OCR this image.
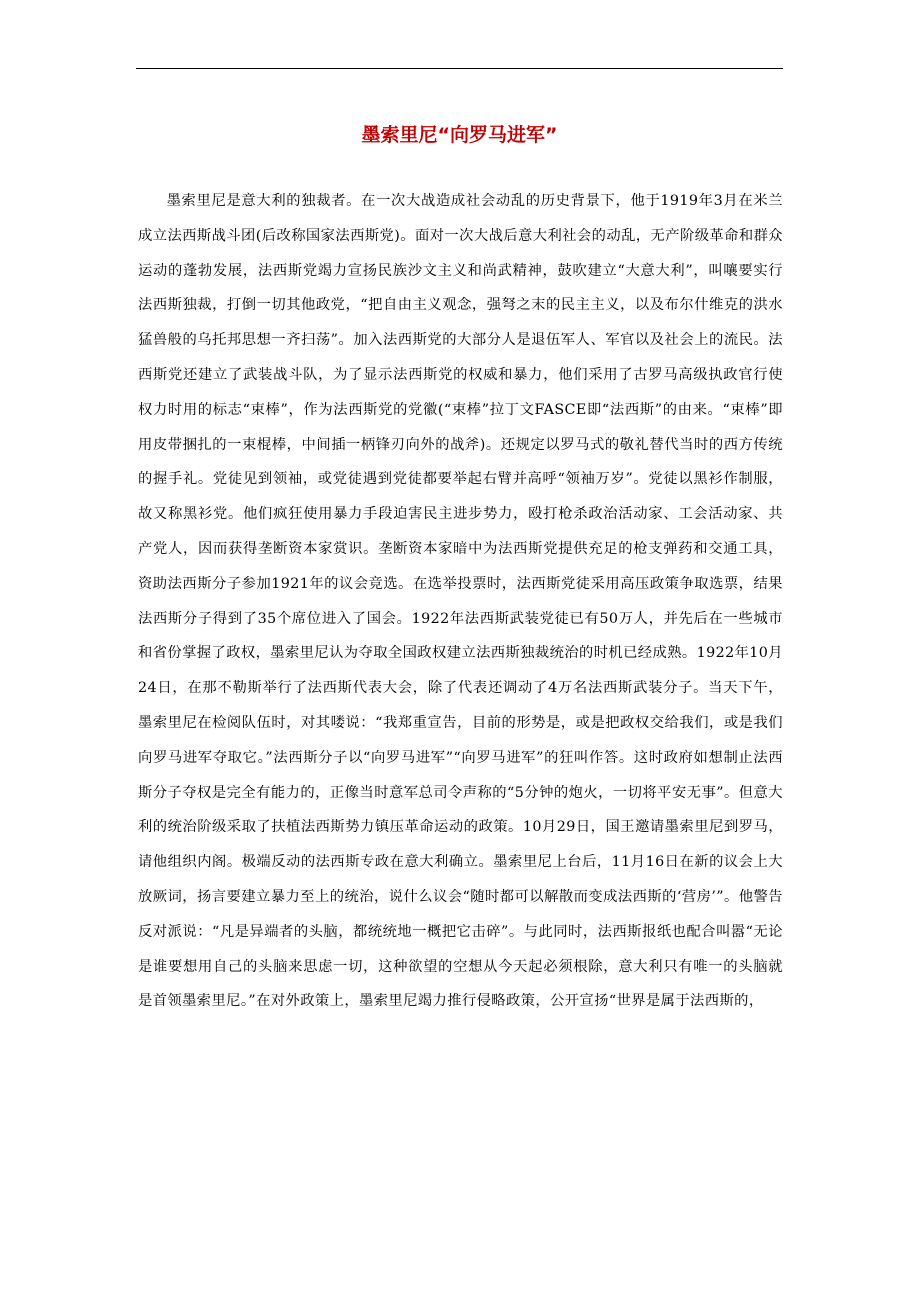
墨索里尼“向罗马进军”

墨索里尼是意大利的独裁者。在一次大战造成社会动乱的历史背景下，他于1919年3月在米兰成立法西斯战斗团(后改称国家法西斯党)。面对一次大战后意大利社会的动乱，无产阶级革命和群众运动的蓬勃发展，法西斯党竭力宣扬民族沙文主义和尚武精神，鼓吹建立“大意大利”，叫嚷要实行法西斯独裁，打倒一切其他政党，“把自由主义观念，强弩之末的民主主义，以及布尔什维克的洪水猛兽般的乌托邦思想一齐扫荡”。加入法西斯党的大部分人是退伍军人、军官以及社会上的流民。法西斯党还建立了武装战斗队，为了显示法西斯党的权威和暴力，他们采用了古罗马高级执政官行使权力时用的标志“束棒”，作为法西斯党的党徽(“束棒”拉丁文FASCE即“法西斯”的由来。“束棒”即用皮带捆扎的一束棍棒，中间插一柄锋刃向外的战斧)。还规定以罗马式的敬礼替代当时的西方传统的握手礼。党徒见到领袖，或党徒遇到党徒都要举起右臂并高呼“领袖万岁”。党徒以黑衫作制服，故又称黑衫党。他们疯狂使用暴力手段迫害民主进步势力，殴打枪杀政治活动家、工会活动家、共产党人，因而获得垄断资本家赏识。垄断资本家暗中为法西斯党提供充足的枪支弹药和交通工具，资助法西斯分子参加1921年的议会竞选。在选举投票时，法西斯党徒采用高压政策争取选票，结果法西斯分子得到了35个席位进入了国会。1922年法西斯武装党徒已有50万人，并先后在一些城市和省份掌握了政权，墨索里尼认为夺取全国政权建立法西斯独裁统治的时机已经成熟。1922年10月24日，在那不勒斯举行了法西斯代表大会，除了代表还调动了4万名法西斯武装分子。当天下午，墨索里尼在检阅队伍时，对其喽说：“我郑重宣告，目前的形势是，或是把政权交给我们，或是我们向罗马进军夺取它。”法西斯分子以“向罗马进军”“向罗马进军”的狂叫作答。这时政府如想制止法西斯分子夺权是完全有能力的，正像当时意军总司令声称的“5分钟的炮火，一切将平安无事”。但意大利的统治阶级采取了扶植法西斯势力镇压革命运动的政策。10月29日，国王邀请墨索里尼到罗马，请他组织内阁。极端反动的法西斯专政在意大利确立。墨索里尼上台后，11月16日在新的议会上大放厥词，扬言要建立暴力至上的统治，说什么议会“随时都可以解散而变成法西斯的‘营房’”。他警告反对派说：“凡是异端者的头脑，都统统地一概把它击碎”。与此同时，法西斯报纸也配合叫嚣“无论是谁要想用自己的头脑来思虑一切，这种欲望的空想从今天起必须根除，意大利只有唯一的头脑就是首领墨索里尼。”在对外政策上，墨索里尼竭力推行侵略政策，公开宣扬“世界是属于法西斯的，
